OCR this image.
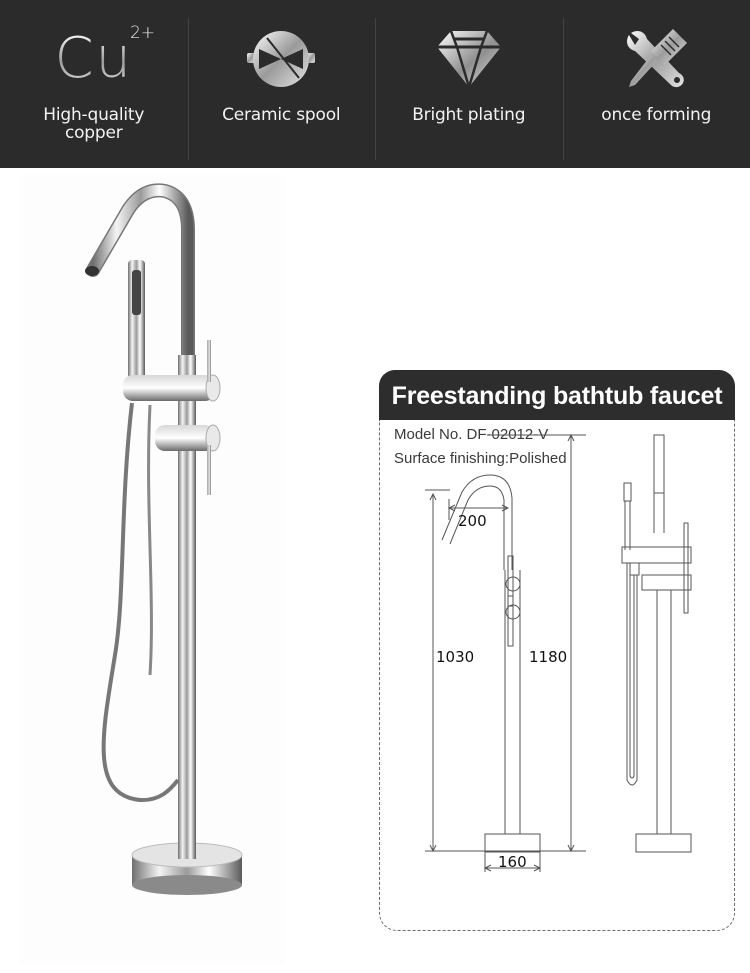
Cu
2+
High-quality
copper
Ceramic spool	Bright plating	once forming
Freestanding bathtub faucet
Model No. DF-02012-V
Surface finishing:Polished
200
1030	1180
160
